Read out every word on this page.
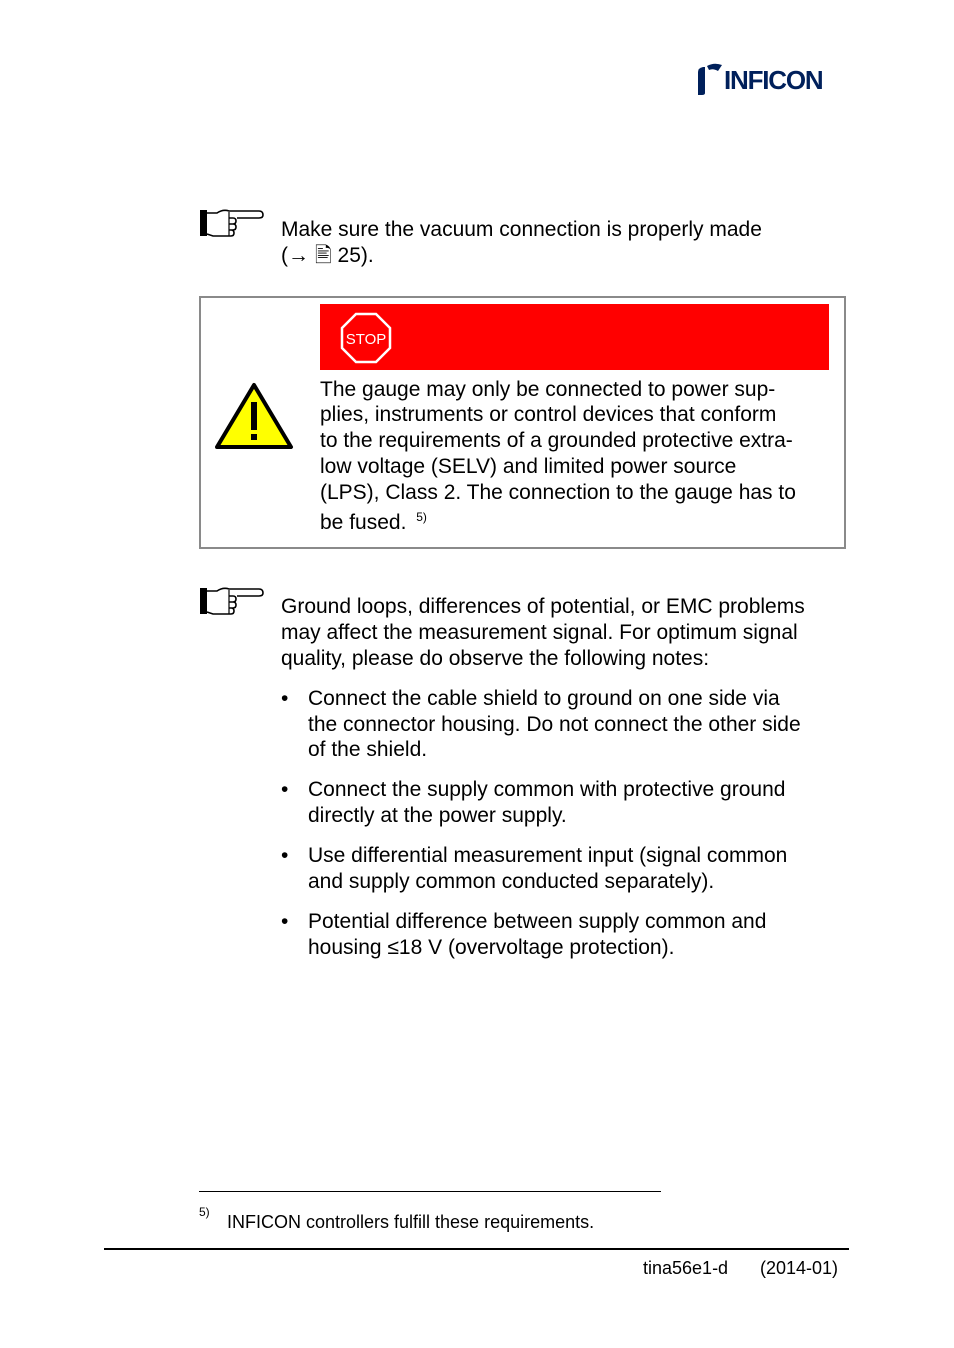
INFICON
Make sure the vacuum connection is properly made
(→ 🖹 25).
STOP
The gauge may only be connected to power sup-
plies, instruments or control devices that conform
to the requirements of a grounded protective extra-
low voltage (SELV) and limited power source
(LPS), Class 2. The connection to the gauge has to
be fused. $^{5)}$
Ground loops, differences of potential, or EMC problems
may affect the measurement signal. For optimum signal
quality, please do observe the following notes:
• Connect the cable shield to ground on one side via
the connector housing. Do not connect the other side
of the shield.
• Connect the supply common with protective ground
directly at the power supply.
• Use differential measurement input (signal common
and supply common conducted separately).
• Potential difference between supply common and
housing ≤18 V (overvoltage protection).
5) INFICON controllers fulfill these requirements.
tina56e1-d (2014-01)
